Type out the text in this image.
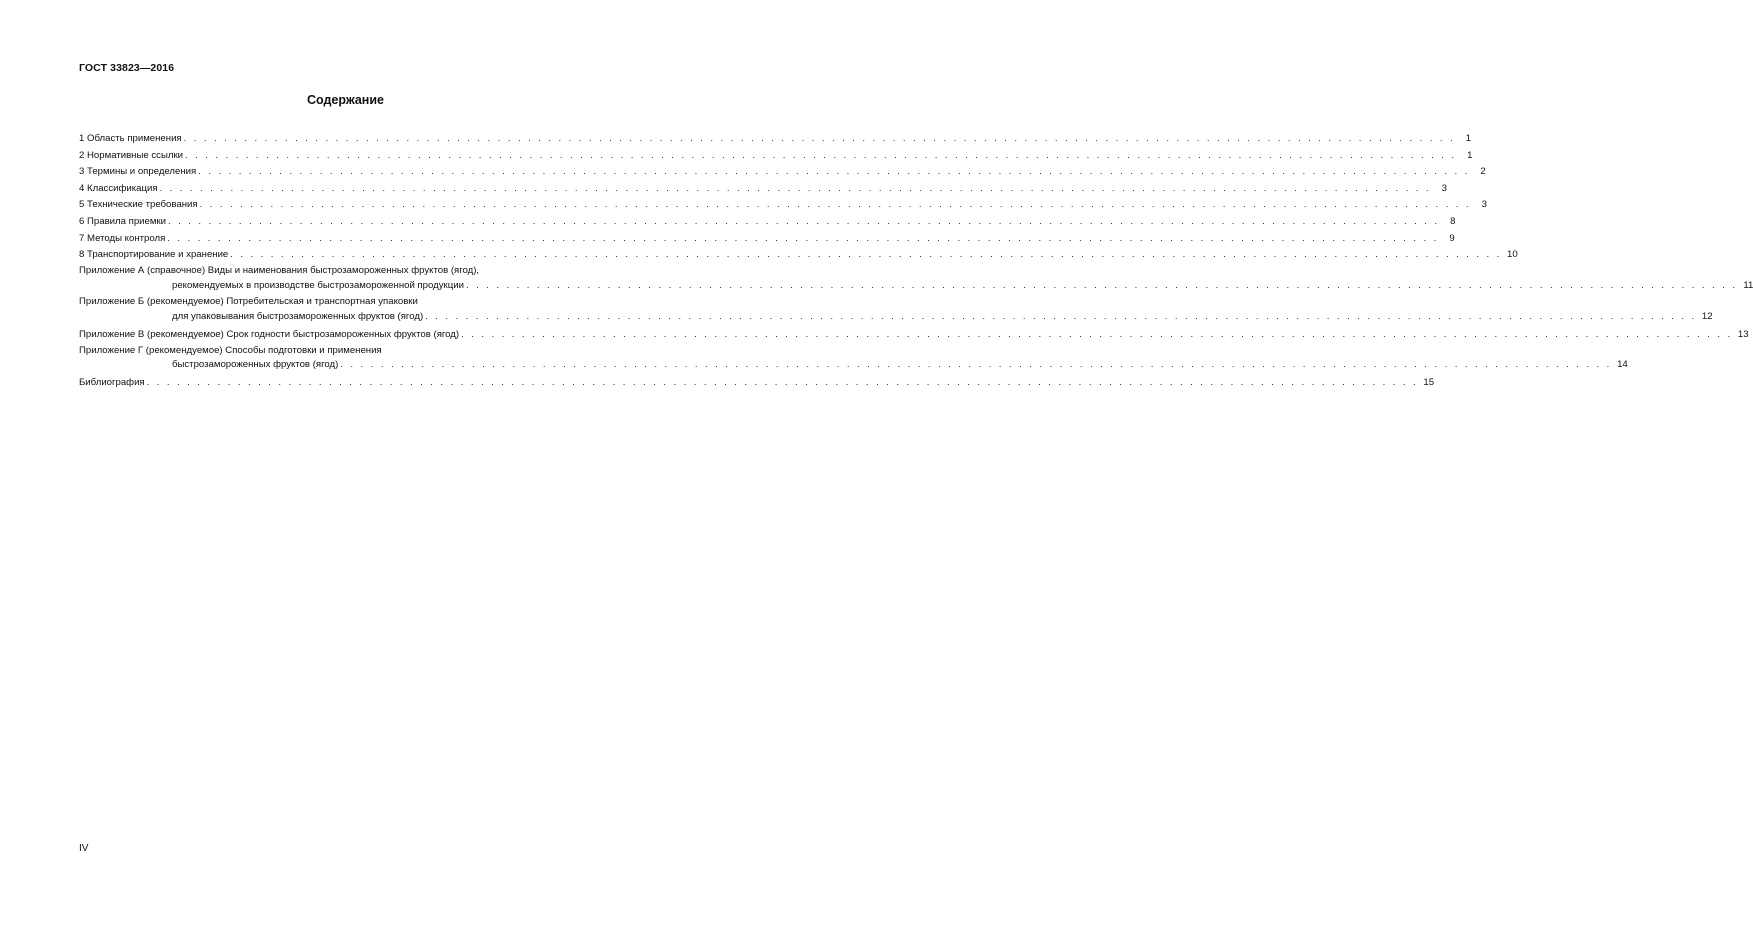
ГОСТ 33823—2016
Содержание
1 Область применения . . . . . . . . . . . . . . . . . . . . . . . . . . . . . . . . . . . . . . . . . . . . . . . . . . . . . . . . . . . . . . . . . . . . . . . . . . . . . . . . . . . . . . . . . . . . . . . . . . . . . . . . . . . . . . . . . . . . . . . . . . . . . .	1
2 Нормативные ссылки . . . . . . . . . . . . . . . . . . . . . . . . . . . . . . . . . . . . . . . . . . . . . . . . . . . . . . . . . . . . . . . . . . . . . . . . . . . . . . . . . . . . . . . . . . . . . . . . . . . . . . . . . . . . . . . . . . . . . . . . . . . . . .	1
3 Термины и определения . . . . . . . . . . . . . . . . . . . . . . . . . . . . . . . . . . . . . . . . . . . . . . . . . . . . . . . . . . . . . . . . . . . . . . . . . . . . . . . . . . . . . . . . . . . . . . . . . . . . . . . . . . . . . . . . . . . . . . . . . . . . . .	2
4 Классификация . . . . . . . . . . . . . . . . . . . . . . . . . . . . . . . . . . . . . . . . . . . . . . . . . . . . . . . . . . . . . . . . . . . . . . . . . . . . . . . . . . . . . . . . . . . . . . . . . . . . . . . . . . . . . . . . . . . . . . . . . . . . . .	3
5 Технические требования . . . . . . . . . . . . . . . . . . . . . . . . . . . . . . . . . . . . . . . . . . . . . . . . . . . . . . . . . . . . . . . . . . . . . . . . . . . . . . . . . . . . . . . . . . . . . . . . . . . . . . . . . . . . . . . . . . . . . . . . . . . . . .	3
6 Правила приемки . . . . . . . . . . . . . . . . . . . . . . . . . . . . . . . . . . . . . . . . . . . . . . . . . . . . . . . . . . . . . . . . . . . . . . . . . . . . . . . . . . . . . . . . . . . . . . . . . . . . . . . . . . . . . . . . . . . . . . . . . . . . . .	8
7 Методы контроля . . . . . . . . . . . . . . . . . . . . . . . . . . . . . . . . . . . . . . . . . . . . . . . . . . . . . . . . . . . . . . . . . . . . . . . . . . . . . . . . . . . . . . . . . . . . . . . . . . . . . . . . . . . . . . . . . . . . . . . . . . . . . .	9
8 Транспортирование и хранение . . . . . . . . . . . . . . . . . . . . . . . . . . . . . . . . . . . . . . . . . . . . . . . . . . . . . . . . . . . . . . . . . . . . . . . . . . . . . . . . . . . . . . . . . . . . . . . . . . . . . . . . . . . . . . . . . . . . . . . . . . . . . . 10
Приложение А (справочное) Виды и наименования быстрозамороженных фруктов (ягод),
рекомендуемых в производстве быстрозамороженной продукции . . . . . . . . . . . . . . . . . . . . . . . . . . . . . . . . . . . . . . . . . . . . . . . . . . . . . . . . . . . . . . . . . . . . . . . . . . . . . . . . . . . . . . . . . . . . . . . . . . . . . . . . . . . . . . . . . . . . . . . . . . . . . . 11
Приложение Б (рекомендуемое) Потребительская и транспортная упаковки
для упаковывания быстрозамороженных фруктов (ягод) . . . . . . . . . . . . . . . . . . . . . . . . . . . . . . . . . . . . . . . . . . . . . . . . . . . . . . . . . . . . . . . . . . . . . . . . . . . . . . . . . . . . . . . . . . . . . . . . . . . . . . . . . . . . . . . . . . . . . . . . . . . . . . 12
Приложение В (рекомендуемое) Срок годности быстрозамороженных фруктов (ягод) . . . . . . . . . . . . . . . . . . . . . . . . . . . . . . . . . . . . . . . . . . . . . . . . . . . . . . . . . . . . . . . . . . . . . . . . . . . . . . . . . . . . . . . . . . . . . . . . . . . . . . . . . . . . . . . . . . . . . . . . . . . . . . 13
Приложение Г (рекомендуемое) Способы подготовки и применения
быстрозамороженных фруктов (ягод) . . . . . . . . . . . . . . . . . . . . . . . . . . . . . . . . . . . . . . . . . . . . . . . . . . . . . . . . . . . . . . . . . . . . . . . . . . . . . . . . . . . . . . . . . . . . . . . . . . . . . . . . . . . . . . . . . . . . . . . . . . . . . . 14
Библиография . . . . . . . . . . . . . . . . . . . . . . . . . . . . . . . . . . . . . . . . . . . . . . . . . . . . . . . . . . . . . . . . . . . . . . . . . . . . . . . . . . . . . . . . . . . . . . . . . . . . . . . . . . . . . . . . . . . . . . . . . . . . . . 15
IV
